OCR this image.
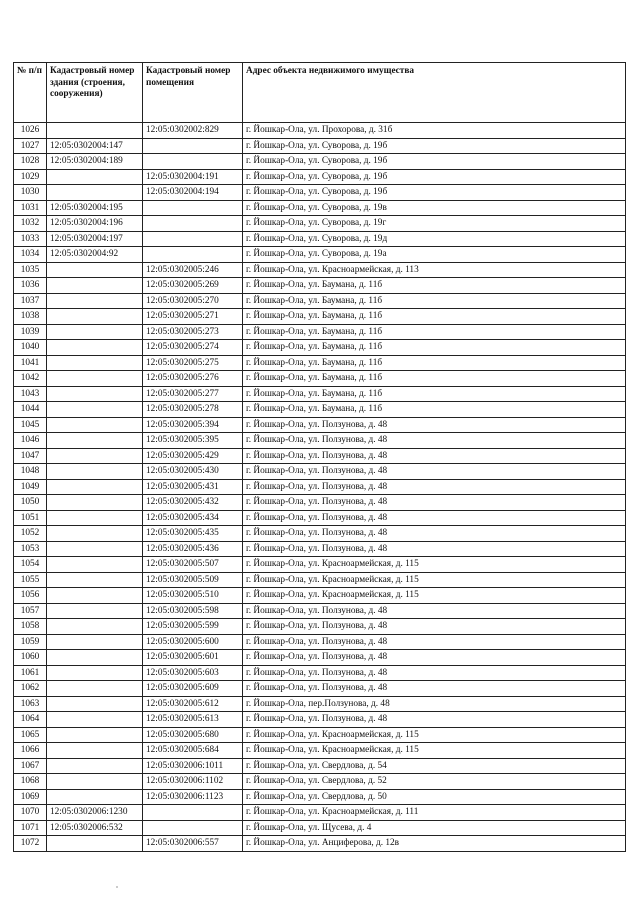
№ п/п	Кадастровый номер здания (строения, сооружения)	Кадастровый номер помещения	Адрес объекта недвижимого имущества
1026		12:05:0302002:829	г. Йошкар-Ола, ул. Прохорова, д. 31б
1027	12:05:0302004:147		г. Йошкар-Ола, ул. Суворова, д. 19б
1028	12:05:0302004:189		г. Йошкар-Ола, ул. Суворова, д. 19б
1029		12:05:0302004:191	г. Йошкар-Ола, ул. Суворова, д. 19б
1030		12:05:0302004:194	г. Йошкар-Ола, ул. Суворова, д. 19б
1031	12:05:0302004:195		г. Йошкар-Ола, ул. Суворова, д. 19в
1032	12:05:0302004:196		г. Йошкар-Ола, ул. Суворова, д. 19г
1033	12:05:0302004:197		г. Йошкар-Ола, ул. Суворова, д. 19д
1034	12:05:0302004:92		г. Йошкар-Ола, ул. Суворова, д. 19а
1035		12:05:0302005:246	г. Йошкар-Ола, ул. Красноармейская, д. 113
1036		12:05:0302005:269	г. Йошкар-Ола, ул. Баумана, д. 11б
1037		12:05:0302005:270	г. Йошкар-Ола, ул. Баумана, д. 11б
1038		12:05:0302005:271	г. Йошкар-Ола, ул. Баумана, д. 11б
1039		12:05:0302005:273	г. Йошкар-Ола, ул. Баумана, д. 11б
1040		12:05:0302005:274	г. Йошкар-Ола, ул. Баумана, д. 11б
1041		12:05:0302005:275	г. Йошкар-Ола, ул. Баумана, д. 11б
1042		12:05:0302005:276	г. Йошкар-Ола, ул. Баумана, д. 11б
1043		12:05:0302005:277	г. Йошкар-Ола, ул. Баумана, д. 11б
1044		12:05:0302005:278	г. Йошкар-Ола, ул. Баумана, д. 11б
1045		12:05:0302005:394	г. Йошкар-Ола, ул. Ползунова, д. 48
1046		12:05:0302005:395	г. Йошкар-Ола, ул. Ползунова, д. 48
1047		12:05:0302005:429	г. Йошкар-Ола, ул. Ползунова, д. 48
1048		12:05:0302005:430	г. Йошкар-Ола, ул. Ползунова, д. 48
1049		12:05:0302005:431	г. Йошкар-Ола, ул. Ползунова, д. 48
1050		12:05:0302005:432	г. Йошкар-Ола, ул. Ползунова, д. 48
1051		12:05:0302005:434	г. Йошкар-Ола, ул. Ползунова, д. 48
1052		12:05:0302005:435	г. Йошкар-Ола, ул. Ползунова, д. 48
1053		12:05:0302005:436	г. Йошкар-Ола, ул. Ползунова, д. 48
1054		12:05:0302005:507	г. Йошкар-Ола, ул. Красноармейская, д. 115
1055		12:05:0302005:509	г. Йошкар-Ола, ул. Красноармейская, д. 115
1056		12:05:0302005:510	г. Йошкар-Ола, ул. Красноармейская, д. 115
1057		12:05:0302005:598	г. Йошкар-Ола, ул. Ползунова, д. 48
1058		12:05:0302005:599	г. Йошкар-Ола, ул. Ползунова, д. 48
1059		12:05:0302005:600	г. Йошкар-Ола, ул. Ползунова, д. 48
1060		12:05:0302005:601	г. Йошкар-Ола, ул. Ползунова, д. 48
1061		12:05:0302005:603	г. Йошкар-Ола, ул. Ползунова, д. 48
1062		12:05:0302005:609	г. Йошкар-Ола, ул. Ползунова, д. 48
1063		12:05:0302005:612	г. Йошкар-Ола, пер.Ползунова, д. 48
1064		12:05:0302005:613	г. Йошкар-Ола, ул. Ползунова, д. 48
1065		12:05:0302005:680	г. Йошкар-Ола, ул. Красноармейская, д. 115
1066		12:05:0302005:684	г. Йошкар-Ола, ул. Красноармейская, д. 115
1067		12:05:0302006:1011	г. Йошкар-Ола, ул. Свердлова, д. 54
1068		12:05:0302006:1102	г. Йошкар-Ола, ул. Свердлова, д. 52
1069		12:05:0302006:1123	г. Йошкар-Ола, ул. Свердлова, д. 50
1070	12:05:0302006:1230		г. Йошкар-Ола, ул. Красноармейская, д. 111
1071	12:05:0302006:532		г. Йошкар-Ола, ул. Щусева, д. 4
1072		12:05:0302006:557	г. Йошкар-Ола, ул. Анциферова, д. 12в
